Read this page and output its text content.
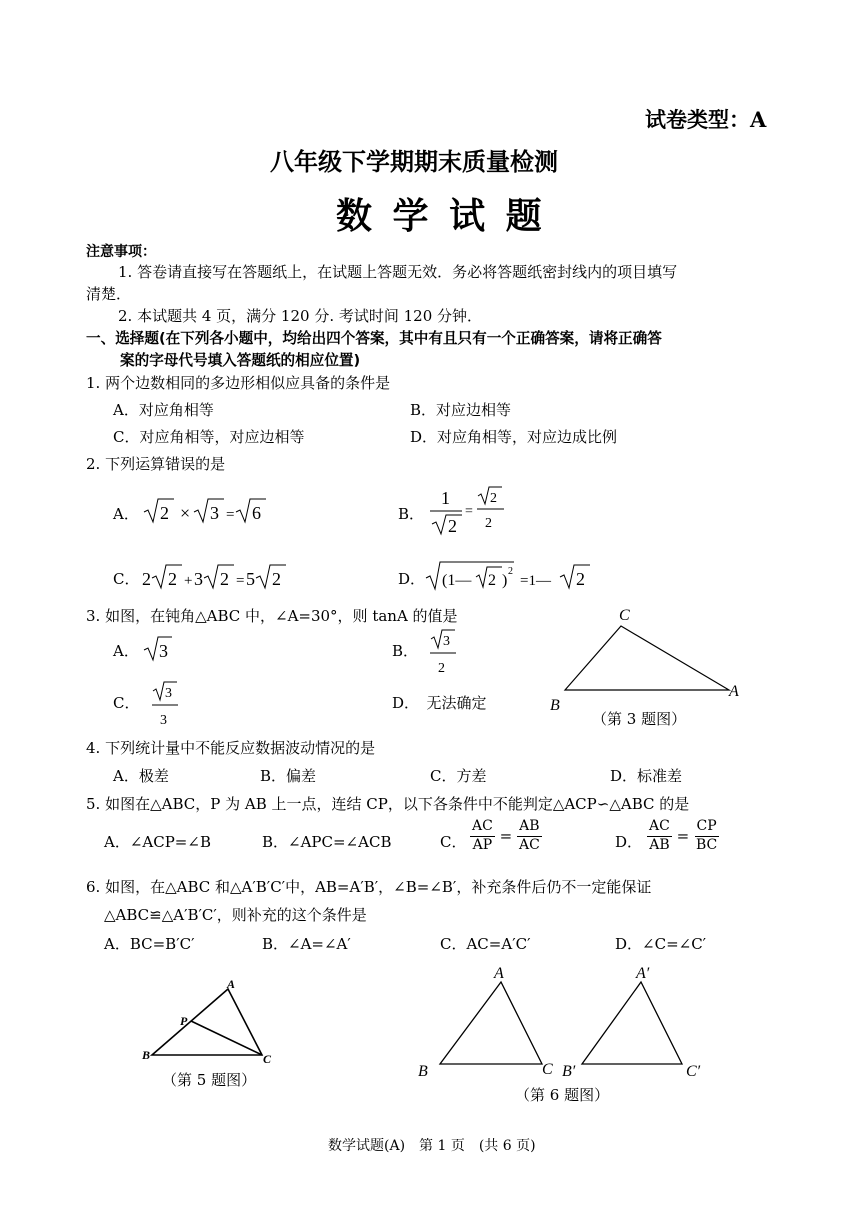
试卷类型：A
八年级下学期期末质量检测
数 学 试 题
注意事项：
1. 答卷请直接写在答题纸上，在试题上答题无效．务必将答题纸密封线内的项目填写
清楚．
2. 本试题共 4 页，满分 120 分. 考试时间 120 分钟．
一、选择题(在下列各小题中，均给出四个答案，其中有且只有一个正确答案，请将正确答
案的字母代号填入答题纸的相应位置)
1. 两个边数相同的多边形相似应具备的条件是
A．对应角相等	B．对应边相等
C．对应角相等，对应边相等	D．对应角相等，对应边成比例
2. 下列运算错误的是
A． 2 × 3 = 6	B．
1
2
=
2
2
C． 2 2 + 3 2 = 5 2	D． (1— 2 )
2
=1— 2
3. 如图，在钝角△ABC 中，∠A=30°，则 tanA 的值是
A． 3	B．
3
2
C．
3
3
D．　无法确定
C
B
A
（第 3 题图）
4. 下列统计量中不能反应数据波动情况的是
A．极差	B．偏差	C．方差	D．标准差
5. 如图在△ABC，P 为 AB 上一点，连结 CP，以下各条件中不能判定△ACP∽△ABC 的是
A．∠ACP=∠B	B．∠APC=∠ACB	C． $\frac{AC}{AP} = \frac{AB}{AC}$	D． $\frac{AC}{AB} = \frac{CP}{BC}$
6. 如图，在△ABC 和△A′B′C′中，AB=A′B′，∠B=∠B′，补充条件后仍不一定能保证
△ABC≌△A′B′C′，则补充的这个条件是
A．BC=B′C′	B．∠A=∠A′	C．AC=A′C′	D．∠C=∠C′
A
P
B	C
（第 5 题图）
A
B	C
A′
B′	C′
（第 6 题图）
数学试题(A)　第 1 页　(共 6 页)
